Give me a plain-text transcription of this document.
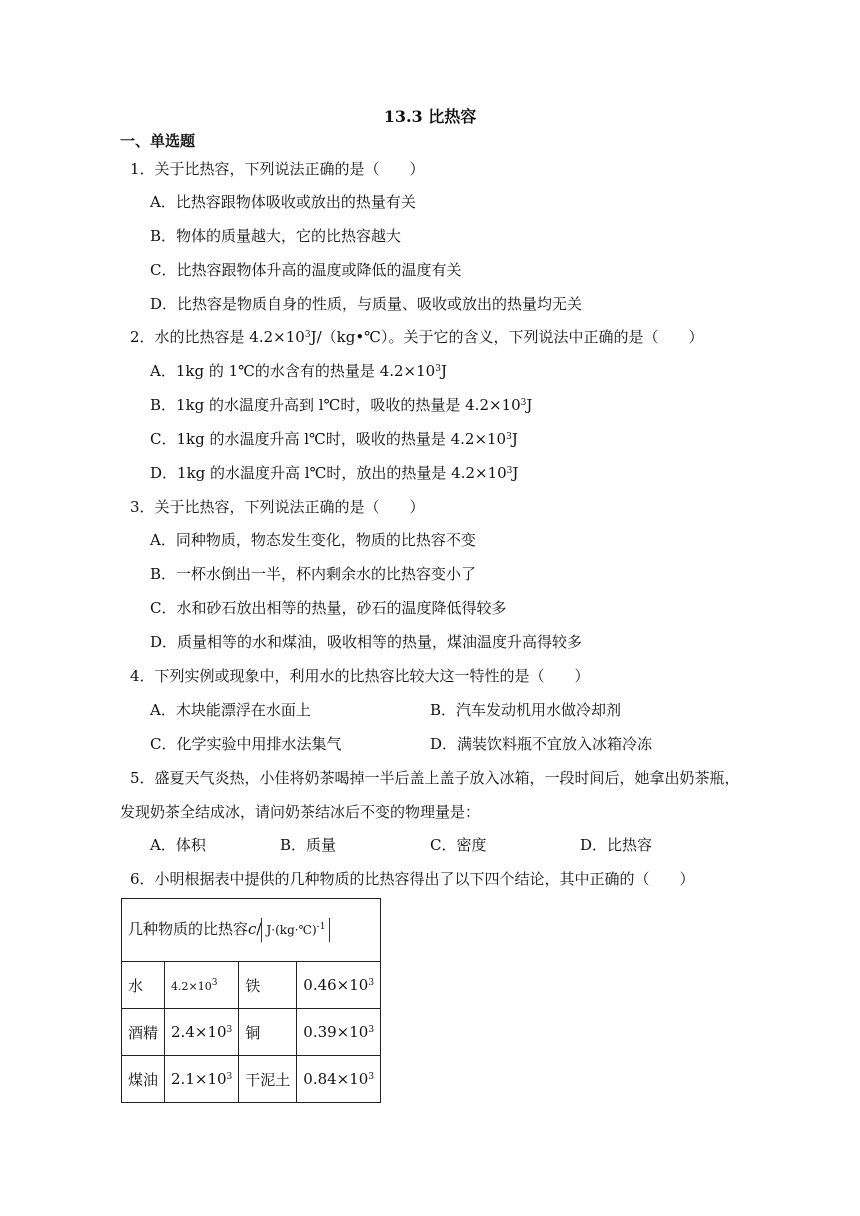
13.3 比热容
一、单选题
1．关于比热容，下列说法正确的是（　　）
A．比热容跟物体吸收或放出的热量有关
B．物体的质量越大，它的比热容越大
C．比热容跟物体升高的温度或降低的温度有关
D．比热容是物质自身的性质，与质量、吸收或放出的热量均无关
2．水的比热容是 $4.2\times 10^3J/(kg•℃)$。关于它的含义，下列说法中正确的是（　　）
A．1kg 的 1℃的水含有的热量是 $4.2\times 10^3J$
B．1kg 的水温度升高到 l℃时，吸收的热量是 $4.2\times 10^3J$
C．1kg 的水温度升高 l℃时，吸收的热量是 $4.2\times 10^3J$
D．1kg 的水温度升高 l℃时，放出的热量是 $4.2\times 10^3J$
3．关于比热容，下列说法正确的是（　　）
A．同种物质，物态发生变化，物质的比热容不变
B．一杯水倒出一半，杯内剩余水的比热容变小了
C．水和砂石放出相等的热量，砂石的温度降低得较多
D．质量相等的水和煤油，吸收相等的热量，煤油温度升高得较多
4．下列实例或现象中，利用水的比热容比较大这一特性的是（　　）
A．木块能漂浮在水面上	B．汽车发动机用水做冷却剂
C．化学实验中用排水法集气	D．满装饮料瓶不宜放入冰箱冷冻
5．盛夏天气炎热，小佳将奶茶喝掉一半后盖上盖子放入冰箱，一段时间后，她拿出奶茶瓶，
发现奶茶全结成冰，请问奶茶结冰后不变的物理量是：
A．体积	B．质量	C．密度	D．比热容
6．小明根据表中提供的几种物质的比热容得出了以下四个结论，其中正确的（　　）
几种物质的比热容c/ J·(kg·℃)$^{-1}$
水	$4.2\times 10^3$	铁	$0.46\times 10^3$
酒精	$2.4\times 10^3$	铜	$0.39\times 10^3$
煤油	$2.1\times 10^3$	干泥土	$0.84\times 10^3$
